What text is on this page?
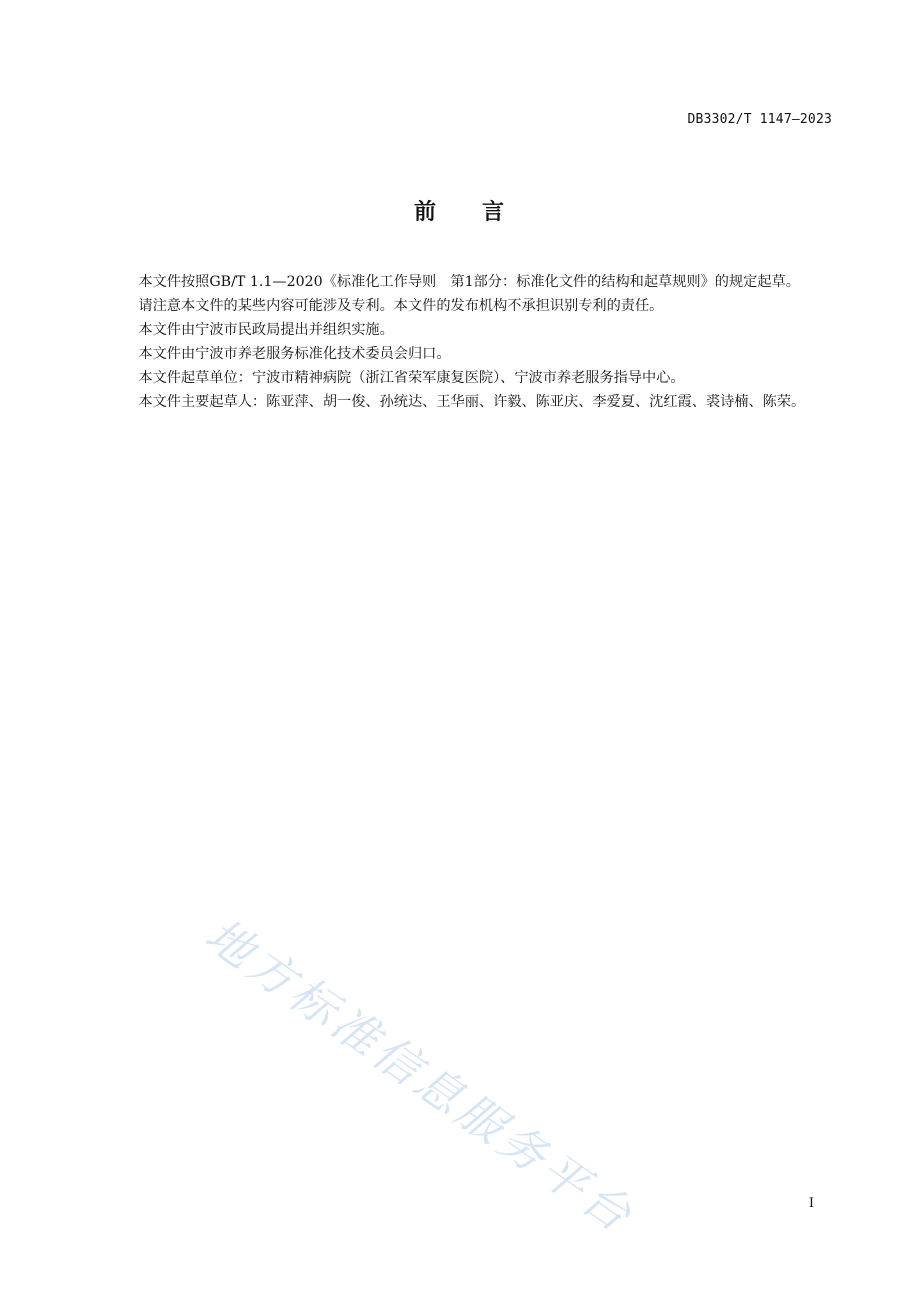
DB3302/T 1147—2023
前 言

本文件按照GB/T 1.1—2020《标准化工作导则　第1部分：标准化文件的结构和起草规则》的规定起草。

请注意本文件的某些内容可能涉及专利。本文件的发布机构不承担识别专利的责任。

本文件由宁波市民政局提出并组织实施。

本文件由宁波市养老服务标准化技术委员会归口。

本文件起草单位：宁波市精神病院（浙江省荣军康复医院）、宁波市养老服务指导中心。

本文件主要起草人：陈亚萍、胡一俊、孙统达、王华丽、许毅、陈亚庆、李爱夏、沈红霞、裘诗楠、陈荣。

地方标准信息服务平台	I
